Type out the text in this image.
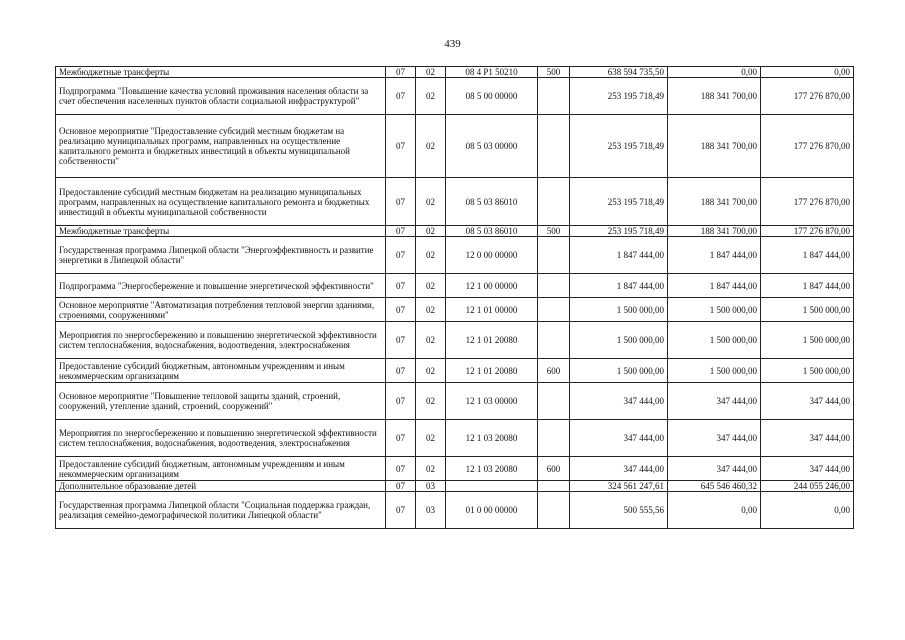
439
Межбюджетные трансферты	07	02	08 4 Р1 50210	500	638 594 735,50	0,00	0,00
Подпрограмма "Повышение качества условий проживания населения области за счет обеспечения населенных пунктов области социальной инфраструктурой"	07	02	08 5 00 00000		253 195 718,49	188 341 700,00	177 276 870,00
Основное мероприятие "Предоставление субсидий местным бюджетам на реализацию муниципальных программ, направленных на осуществление капитального ремонта и бюджетных инвестиций в объекты муниципальной собственности"	07	02	08 5 03 00000		253 195 718,49	188 341 700,00	177 276 870,00
Предоставление субсидий местным бюджетам на реализацию муниципальных программ, направленных на осуществление капитального ремонта и бюджетных инвестиций в объекты муниципальной собственности	07	02	08 5 03 86010		253 195 718,49	188 341 700,00	177 276 870,00
Межбюджетные трансферты	07	02	08 5 03 86010	500	253 195 718,49	188 341 700,00	177 276 870,00
Государственная программа Липецкой области "Энергоэффективность и развитие энергетики в Липецкой области"	07	02	12 0 00 00000		1 847 444,00	1 847 444,00	1 847 444,00
Подпрограмма "Энергосбережение и повышение энергетической эффективности"	07	02	12 1 00 00000		1 847 444,00	1 847 444,00	1 847 444,00
Основное мероприятие "Автоматизация потребления тепловой энергии зданиями, строениями, сооружениями"	07	02	12 1 01 00000		1 500 000,00	1 500 000,00	1 500 000,00
Мероприятия по энергосбережению и повышению энергетической эффективности систем теплоснабжения, водоснабжения, водоотведения, электроснабжения	07	02	12 1 01 20080		1 500 000,00	1 500 000,00	1 500 000,00
Предоставление субсидий бюджетным, автономным учреждениям и иным некоммерческим организациям	07	02	12 1 01 20080	600	1 500 000,00	1 500 000,00	1 500 000,00
Основное мероприятие "Повышение тепловой защиты зданий, строений, сооружений, утепление зданий, строений, сооружений"	07	02	12 1 03 00000		347 444,00	347 444,00	347 444,00
Мероприятия по энергосбережению и повышению энергетической эффективности систем теплоснабжения, водоснабжения, водоотведения, электроснабжения	07	02	12 1 03 20080		347 444,00	347 444,00	347 444,00
Предоставление субсидий бюджетным, автономным учреждениям и иным некоммерческим организациям	07	02	12 1 03 20080	600	347 444,00	347 444,00	347 444,00
Дополнительное образование детей	07	03			324 561 247,61	645 546 460,32	244 055 246,00
Государственная программа Липецкой области "Социальная поддержка граждан, реализация семейно-демографической политики Липецкой области"	07	03	01 0 00 00000		500 555,56	0,00	0,00
